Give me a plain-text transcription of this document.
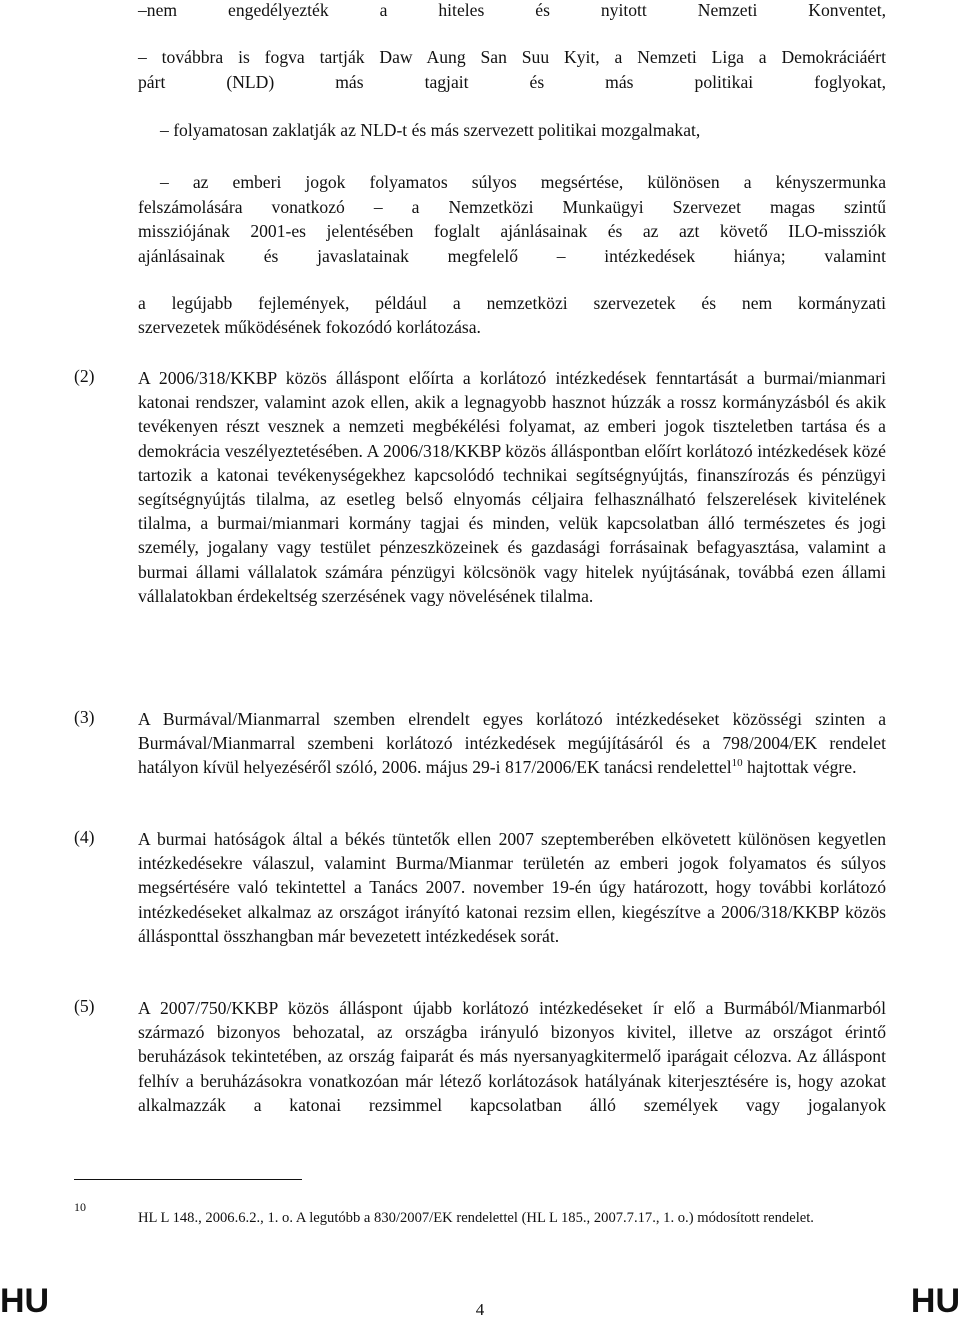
–nem engedélyezték a hiteles és nyitott Nemzeti Konventet,
– továbbra is fogva tartják Daw Aung San Suu Kyit, a Nemzeti Liga a Demokráciáért
párt (NLD) más tagjait és más politikai foglyokat,
– folyamatosan zaklatják az NLD-t és más szervezett politikai mozgalmakat,
– az emberi jogok folyamatos súlyos megsértése, különösen a kényszermunka
felszámolására vonatkozó – a Nemzetközi Munkaügyi Szervezet magas szintű
missziójának 2001-es jelentésében foglalt ajánlásainak és az azt követő ILO-missziók
ajánlásainak és javaslatainak megfelelő – intézkedések hiánya; valamint
a legújabb fejlemények, például a nemzetközi szervezetek és nem kormányzati
szervezetek működésének fokozódó korlátozása.
(2) A 2006/318/KKBP közös álláspont előírta a korlátozó intézkedések fenntartását a burmai/mianmari katonai rendszer, valamint azok ellen, akik a legnagyobb hasznot húzzák a rossz kormányzásból és akik tevékenyen részt vesznek a nemzeti megbékélési folyamat, az emberi jogok tiszteletben tartása és a demokrácia veszélyeztetésében. A 2006/318/KKBP közös álláspontban előírt korlátozó intézkedések közé tartozik a katonai tevékenységekhez kapcsolódó technikai segítségnyújtás, finanszírozás és pénzügyi segítségnyújtás tilalma, az esetleg belső elnyomás céljaira felhasználható felszerelések kivitelének tilalma, a burmai/mianmari kormány tagjai és minden, velük kapcsolatban álló természetes és jogi személy, jogalany vagy testület pénzeszközeinek és gazdasági forrásainak befagyasztása, valamint a burmai állami vállalatok számára pénzügyi kölcsönök vagy hitelek nyújtásának, továbbá ezen állami vállalatokban érdekeltség szerzésének vagy növelésének tilalma.
(3) A Burmával/Mianmarral szemben elrendelt egyes korlátozó intézkedéseket közösségi szinten a Burmával/Mianmarral szembeni korlátozó intézkedések megújításáról és a 798/2004/EK rendelet hatályon kívül helyezéséről szóló, 2006. május 29-i 817/2006/EK tanácsi rendelettel$^{10}$ hajtottak végre.
(4) A burmai hatóságok által a békés tüntetők ellen 2007 szeptemberében elkövetett különösen kegyetlen intézkedésekre válaszul, valamint Burma/Mianmar területén az emberi jogok folyamatos és súlyos megsértésére való tekintettel a Tanács 2007. november 19-én úgy határozott, hogy további korlátozó intézkedéseket alkalmaz az országot irányító katonai rezsim ellen, kiegészítve a 2006/318/KKBP közös állásponttal összhangban már bevezetett intézkedések sorát.
(5) A 2007/750/KKBP közös álláspont újabb korlátozó intézkedéseket ír elő a Burmából/Mianmarból származó bizonyos behozatal, az országba irányuló bizonyos kivitel, illetve az országot érintő beruházások tekintetében, az ország faiparát és más nyersanyagkitermelő iparágait célozva. Az álláspont felhív a beruházásokra vonatkozóan már létező korlátozások hatályának kiterjesztésére is, hogy azokat alkalmazzák a katonai rezsimmel kapcsolatban álló személyek vagy jogalanyok
10
HL L 148., 2006.6.2., 1. o. A legutóbb a 830/2007/EK rendelettel (HL L 185., 2007.7.17., 1. o.) módosított rendelet.
HU	4	HU
